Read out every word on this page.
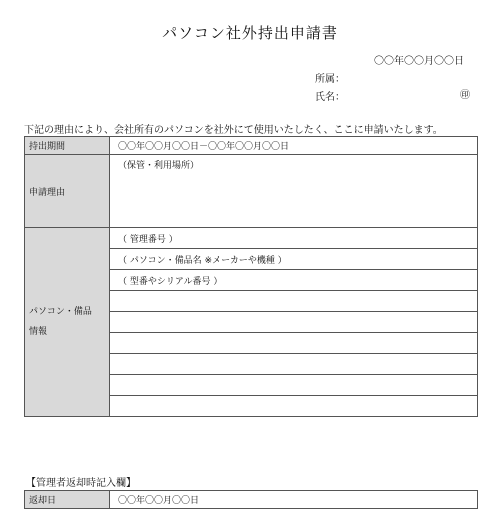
パソコン社外持出申請書
〇〇年〇〇月〇〇日
所属：
氏名：	㊞
下記の理由により、会社所有のパソコンを社外にて使用いたしたく、ここに申請いたします。
持出期間	〇〇年〇〇月〇〇日－〇〇年〇〇月〇〇日
申請理由	（保管・利用場所）

パソコン・備品
情報	（ 管理番号 ）
	（ パソコン・備品名 ※メーカーや機種 ）
	（ 型番やシリアル番号 ）

【管理者返却時記入欄】
返却日	〇〇年〇〇月〇〇日
